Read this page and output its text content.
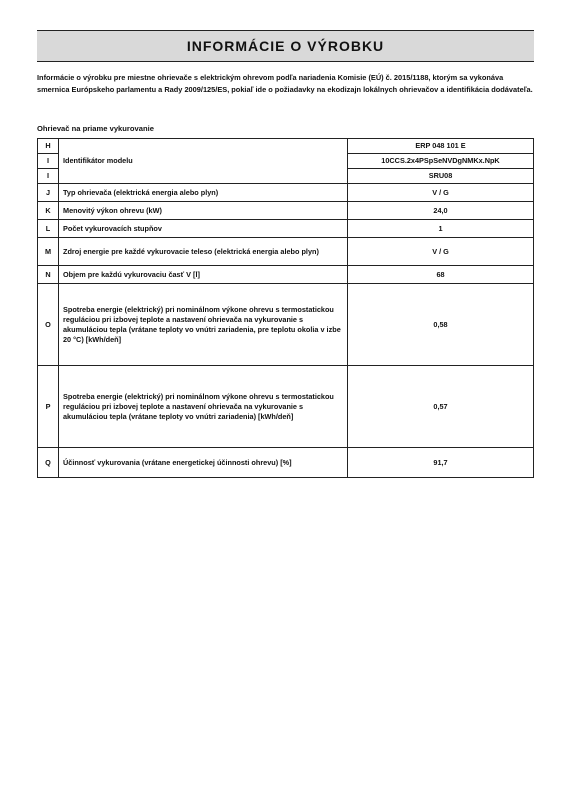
INFORMÁCIE O VÝROBKU
Informácie o výrobku pre miestne ohrievače s elektrickým ohrevom podľa nariadenia Komisie (EÚ) č. 2015/1188, ktorým sa vykonáva smernica Európskeho parlamentu a Rady 2009/125/ES, pokiaľ ide o požiadavky na ekodizajn lokálnych ohrievačov a identifikácia dodávateľa.
Ohrievač na priame vykurovanie
H	Identifikátor modelu	ERP 048 101 E
I		10CCS.2x4PSpSeNVDgNMKx.NpK
I		SRU08
J	Typ ohrievača (elektrická energia alebo plyn)	V / G
K	Menovitý výkon ohrevu (kW)	24,0
L	Počet vykurovacích stupňov	1
M	Zdroj energie pre každé vykurovacie teleso (elektrická energia alebo plyn)	V / G
N	Objem pre každú vykurovaciu časť V [l]	68
O	Spotreba energie (elektrický) pri nominálnom výkone ohrevu s termostatickou reguláciou pri izbovej teplote a nastavení ohrievača na vykurovanie s akumuláciou tepla (vrátane teploty vo vnútri zariadenia, pre teplotu okolia v izbe 20 °C) [kWh/deň]	0,58
P	Spotreba energie (elektrický) pri nominálnom výkone ohrevu s termostatickou reguláciou pri izbovej teplote a nastavení ohrievača na vykurovanie s akumuláciou tepla (vrátane teploty vo vnútri zariadenia) [kWh/deň]	0,57
Q	Účinnosť vykurovania (vrátane energetickej účinnosti ohrevu) [%]	91,7
